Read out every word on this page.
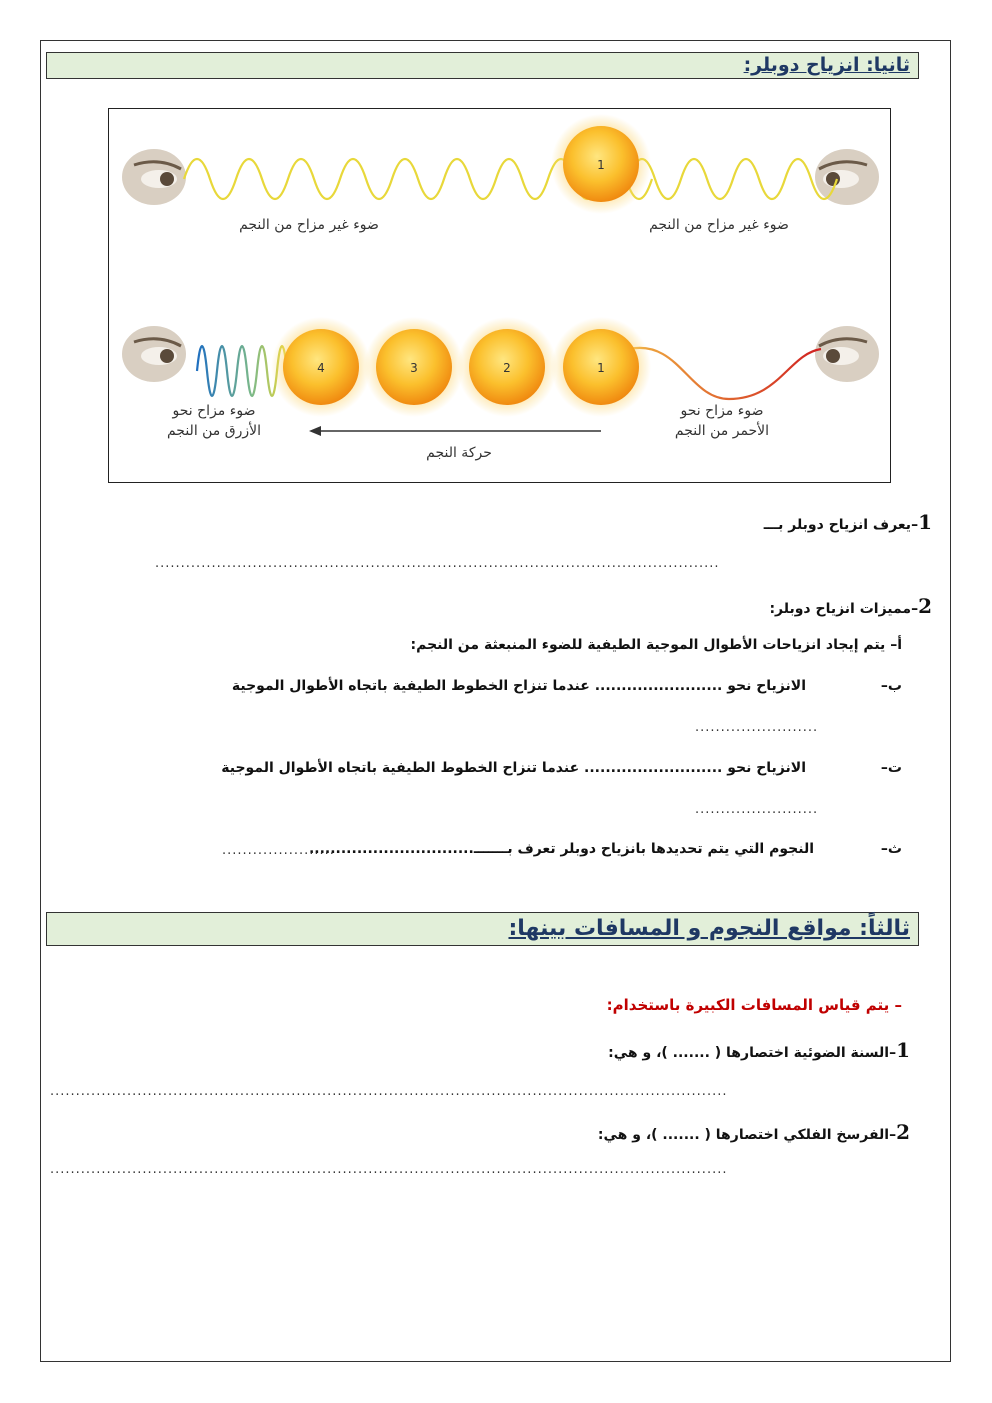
ثانيا: انزياح دوبلر:
1
4	3	2	1
ضوء غير مزاح من النجم	ضوء غير مزاح من النجم
ضوء مزاح نحو
الأزرق من النجم
ضوء مزاح نحو
الأحمر من النجم
حركة النجم
1–يعرف انزياح دوبلر بـــ
..............................................................................................................
2–مميزات انزياح دوبلر:
أ– يتم إيجاد انزياحات الأطوال الموجية الطيفية للضوء المنبعثة من النجم:
ب–
الانزياح نحو ........................ عندما تنزاح الخطوط الطيفية باتجاه الأطوال الموجية
........................
ت–
الانزياح نحو .......................... عندما تنزاح الخطوط الطيفية باتجاه الأطوال الموجية
........................
ث–
النجوم التي يتم تحديدها بانزياح دوبلر تعرف بـــــــ...............................
......................
ثالثاً: مواقع النجوم و المسافات بينها:
– يتم قياس المسافات الكبيرة باستخدام:
1–السنة الضوئية اختصارها ( ....... )، و هي:
....................................................................................................................................
2–الفرسخ الفلكي اختصارها ( ....... )، و هي:
....................................................................................................................................
